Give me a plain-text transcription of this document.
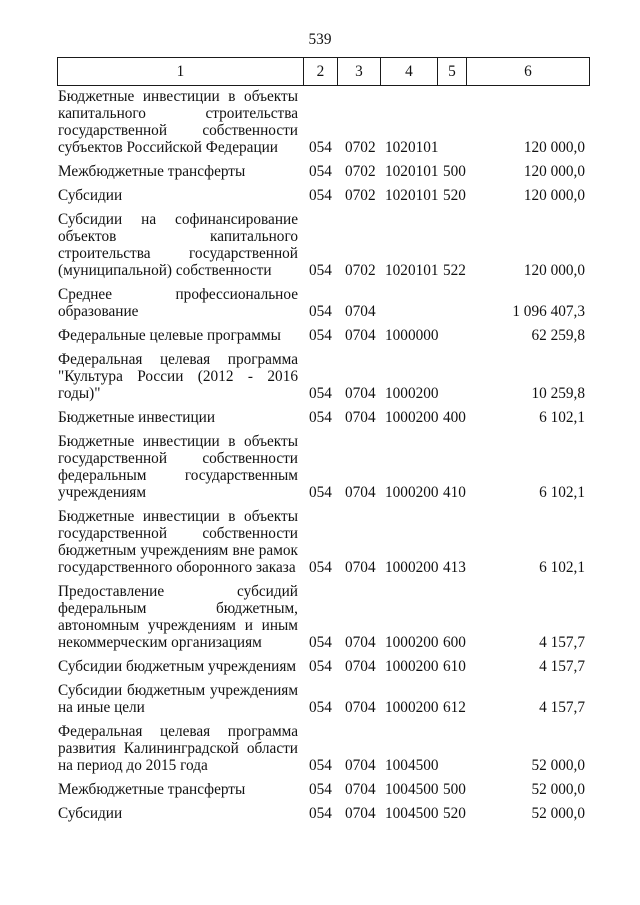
539
1	2	3	4	5	6
Бюджетные инвестиции в объекты
капитального строительства
государственной собственности
субъектов Российской Федерации	054 0702 1020101	120 000,0
Межбюджетные трансферты	054 0702 1020101 500	120 000,0
Субсидии	054 0702 1020101 520	120 000,0
Субсидии на софинансирование
объектов капитального
строительства государственной
(муниципальной) собственности	054 0702 1020101 522	120 000,0
Среднее профессиональное
образование	054 0704	1 096 407,3
Федеральные целевые программы	054 0704 1000000	62 259,8
Федеральная целевая программа
"Культура России (2012 - 2016
годы)"	054 0704 1000200	10 259,8
Бюджетные инвестиции	054 0704 1000200 400	6 102,1
Бюджетные инвестиции в объекты
государственной собственности
федеральным государственным
учреждениям	054 0704 1000200 410	6 102,1
Бюджетные инвестиции в объекты
государственной собственности
бюджетным учреждениям вне рамок
государственного оборонного заказа 054 0704 1000200 413	6 102,1
Предоставление субсидий
федеральным бюджетным,
автономным учреждениям и иным
некоммерческим организациям	054 0704 1000200 600	4 157,7
Субсидии бюджетным учреждениям 054 0704 1000200 610	4 157,7
Субсидии бюджетным учреждениям
на иные цели	054 0704 1000200 612	4 157,7
Федеральная целевая программа
развития Калининградской области
на период до 2015 года	054 0704 1004500	52 000,0
Межбюджетные трансферты	054 0704 1004500 500	52 000,0
Субсидии	054 0704 1004500 520	52 000,0
